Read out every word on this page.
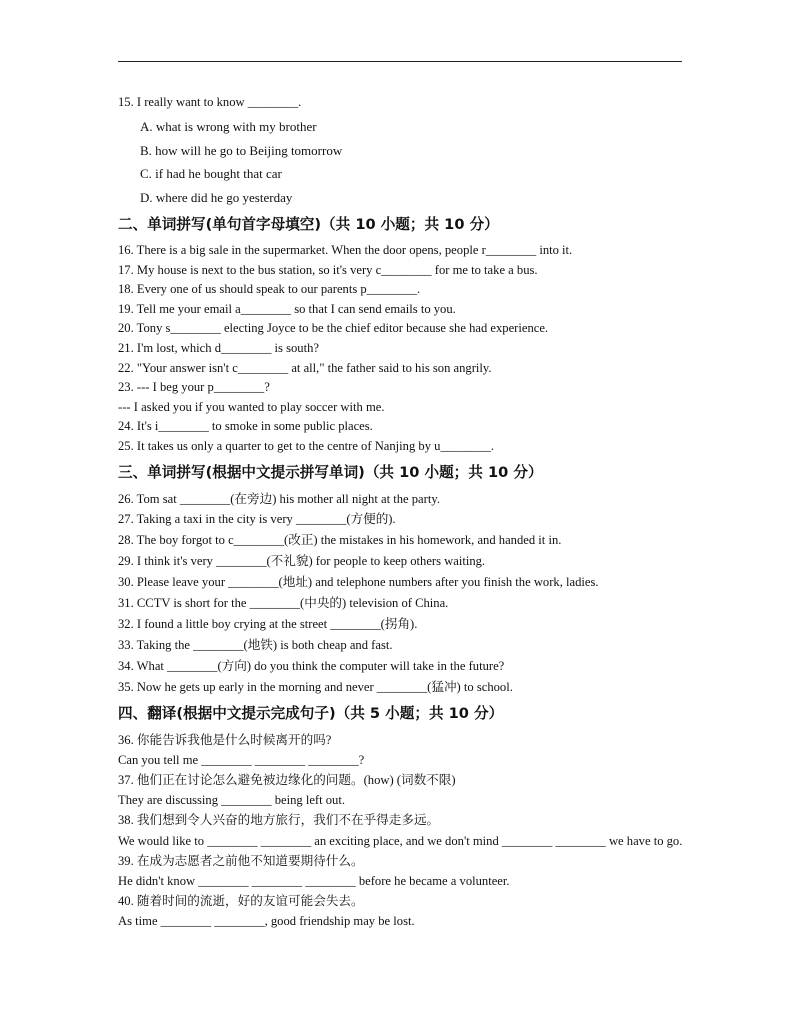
15. I really want to know ________.
A. what is wrong with my brother
B. how will he go to Beijing tomorrow
C. if had he bought that car
D. where did he go yesterday
二、单词拼写(单句首字母填空)（共 10 小题；共 10 分）
16. There is a big sale in the supermarket. When the door opens, people r________ into it.
17. My house is next to the bus station, so it's very c________ for me to take a bus.
18. Every one of us should speak to our parents p________.
19. Tell me your email a________ so that I can send emails to you.
20. Tony s________ electing Joyce to be the chief editor because she had experience.
21. I'm lost, which d________ is south?
22. "Your answer isn't c________ at all," the father said to his son angrily.
23. --- I beg your p________?
--- I asked you if you wanted to play soccer with me.
24. It's i________ to smoke in some public places.
25. It takes us only a quarter to get to the centre of Nanjing by u________.
三、单词拼写(根据中文提示拼写单词)（共 10 小题；共 10 分）
26. Tom sat ________(在旁边) his mother all night at the party.
27. Taking a taxi in the city is very ________(方便的).
28. The boy forgot to c________(改正) the mistakes in his homework, and handed it in.
29. I think it's very ________(不礼貌) for people to keep others waiting.
30. Please leave your ________(地址) and telephone numbers after you finish the work, ladies.
31. CCTV is short for the ________(中央的) television of China.
32. I found a little boy crying at the street ________(拐角).
33. Taking the ________(地铁) is both cheap and fast.
34. What ________(方向) do you think the computer will take in the future?
35. Now he gets up early in the morning and never ________(猛冲) to school.
四、翻译(根据中文提示完成句子)（共 5 小题；共 10 分）
36. 你能告诉我他是什么时候离开的吗?
Can you tell me ________ ________ ________?
37. 他们正在讨论怎么避免被边缘化的问题。(how) (词数不限)
They are discussing ________ being left out.
38. 我们想到令人兴奋的地方旅行，我们不在乎得走多远。
We would like to ________ ________ an exciting place, and we don't mind ________ ________ we have to go.
39. 在成为志愿者之前他不知道要期待什么。
He didn't know ________ ________ ________ before he became a volunteer.
40. 随着时间的流逝，好的友谊可能会失去。
As time ________ ________, good friendship may be lost.
